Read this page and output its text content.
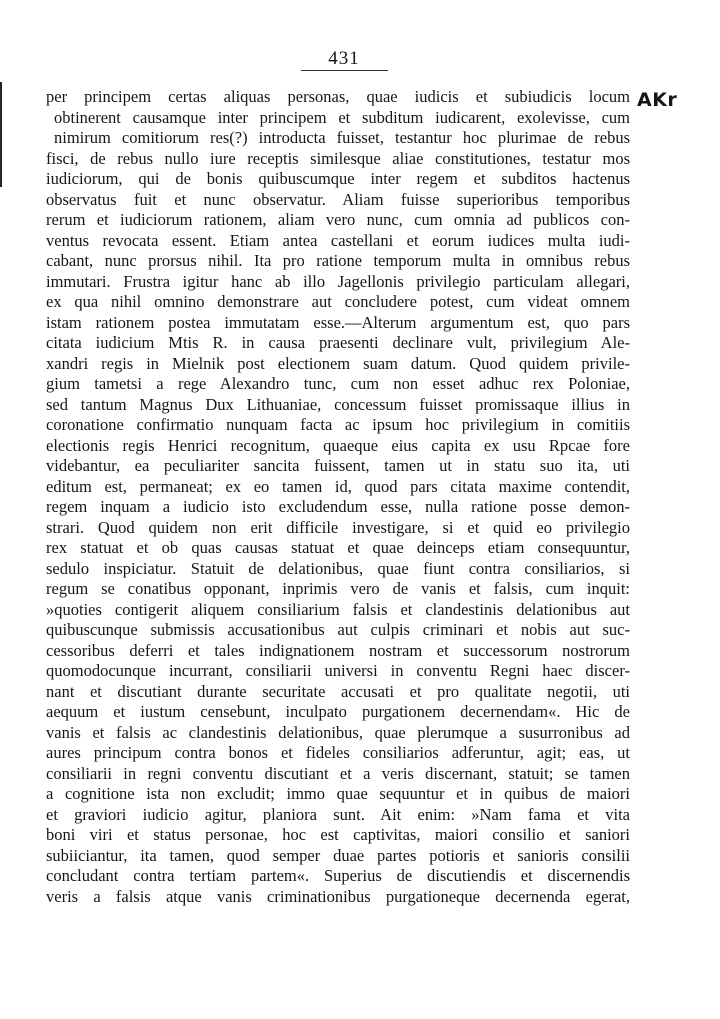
431
AKr
per principem certas aliquas personas, quae iudicis et subiudicis locum
obtinerent causamque inter principem et subditum iudicarent, exolevisse, cum
nimirum comitiorum res(?) introducta fuisset, testantur hoc plurimae de rebus
fisci, de rebus nullo iure receptis similesque aliae constitutiones, testatur mos
iudiciorum, qui de bonis quibuscumque inter regem et subditos hactenus
observatus fuit et nunc observatur. Aliam fuisse superioribus temporibus
rerum et iudiciorum rationem, aliam vero nunc, cum omnia ad publicos con-
ventus revocata essent. Etiam antea castellani et eorum iudices multa iudi-
cabant, nunc prorsus nihil. Ita pro ratione temporum multa in omnibus rebus
immutari. Frustra igitur hanc ab illo Jagellonis privilegio particulam allegari,
ex qua nihil omnino demonstrare aut concludere potest, cum videat omnem
istam rationem postea immutatam esse.—Alterum argumentum est, quo pars
citata iudicium Mtis R. in causa praesenti declinare vult, privilegium Ale-
xandri regis in Mielnik post electionem suam datum. Quod quidem privile-
gium tametsi a rege Alexandro tunc, cum non esset adhuc rex Poloniae,
sed tantum Magnus Dux Lithuaniae, concessum fuisset promissaque illius in
coronatione confirmatio nunquam facta ac ipsum hoc privilegium in comitiis
electionis regis Henrici recognitum, quaeque eius capita ex usu Rpcae fore
videbantur, ea peculiariter sancita fuissent, tamen ut in statu suo ita, uti
editum est, permaneat; ex eo tamen id, quod pars citata maxime contendit,
regem inquam a iudicio isto excludendum esse, nulla ratione posse demon-
strari. Quod quidem non erit difficile investigare, si et quid eo privilegio
rex statuat et ob quas causas statuat et quae deinceps etiam consequuntur,
sedulo inspiciatur. Statuit de delationibus, quae fiunt contra consiliarios, si
regum se conatibus opponant, inprimis vero de vanis et falsis, cum inquit:
»quoties contigerit aliquem consiliarium falsis et clandestinis delationibus aut
quibuscunque submissis accusationibus aut culpis criminari et nobis aut suc-
cessoribus deferri et tales indignationem nostram et successorum nostrorum
quomodocunque incurrant, consiliarii universi in conventu Regni haec discer-
nant et discutiant durante securitate accusati et pro qualitate negotii, uti
aequum et iustum censebunt, inculpato purgationem decernendam«. Hic de
vanis et falsis ac clandestinis delationibus, quae plerumque a susurronibus ad
aures principum contra bonos et fideles consiliarios adferuntur, agit; eas, ut
consiliarii in regni conventu discutiant et a veris discernant, statuit; se tamen
a cognitione ista non excludit; immo quae sequuntur et in quibus de maiori
et graviori iudicio agitur, planiora sunt. Ait enim: »Nam fama et vita
boni viri et status personae, hoc est captivitas, maiori consilio et saniori
subiiciantur, ita tamen, quod semper duae partes potioris et sanioris consilii
concludant contra tertiam partem«. Superius de discutiendis et discernendis
veris a falsis atque vanis criminationibus purgationeque decernenda egerat,
